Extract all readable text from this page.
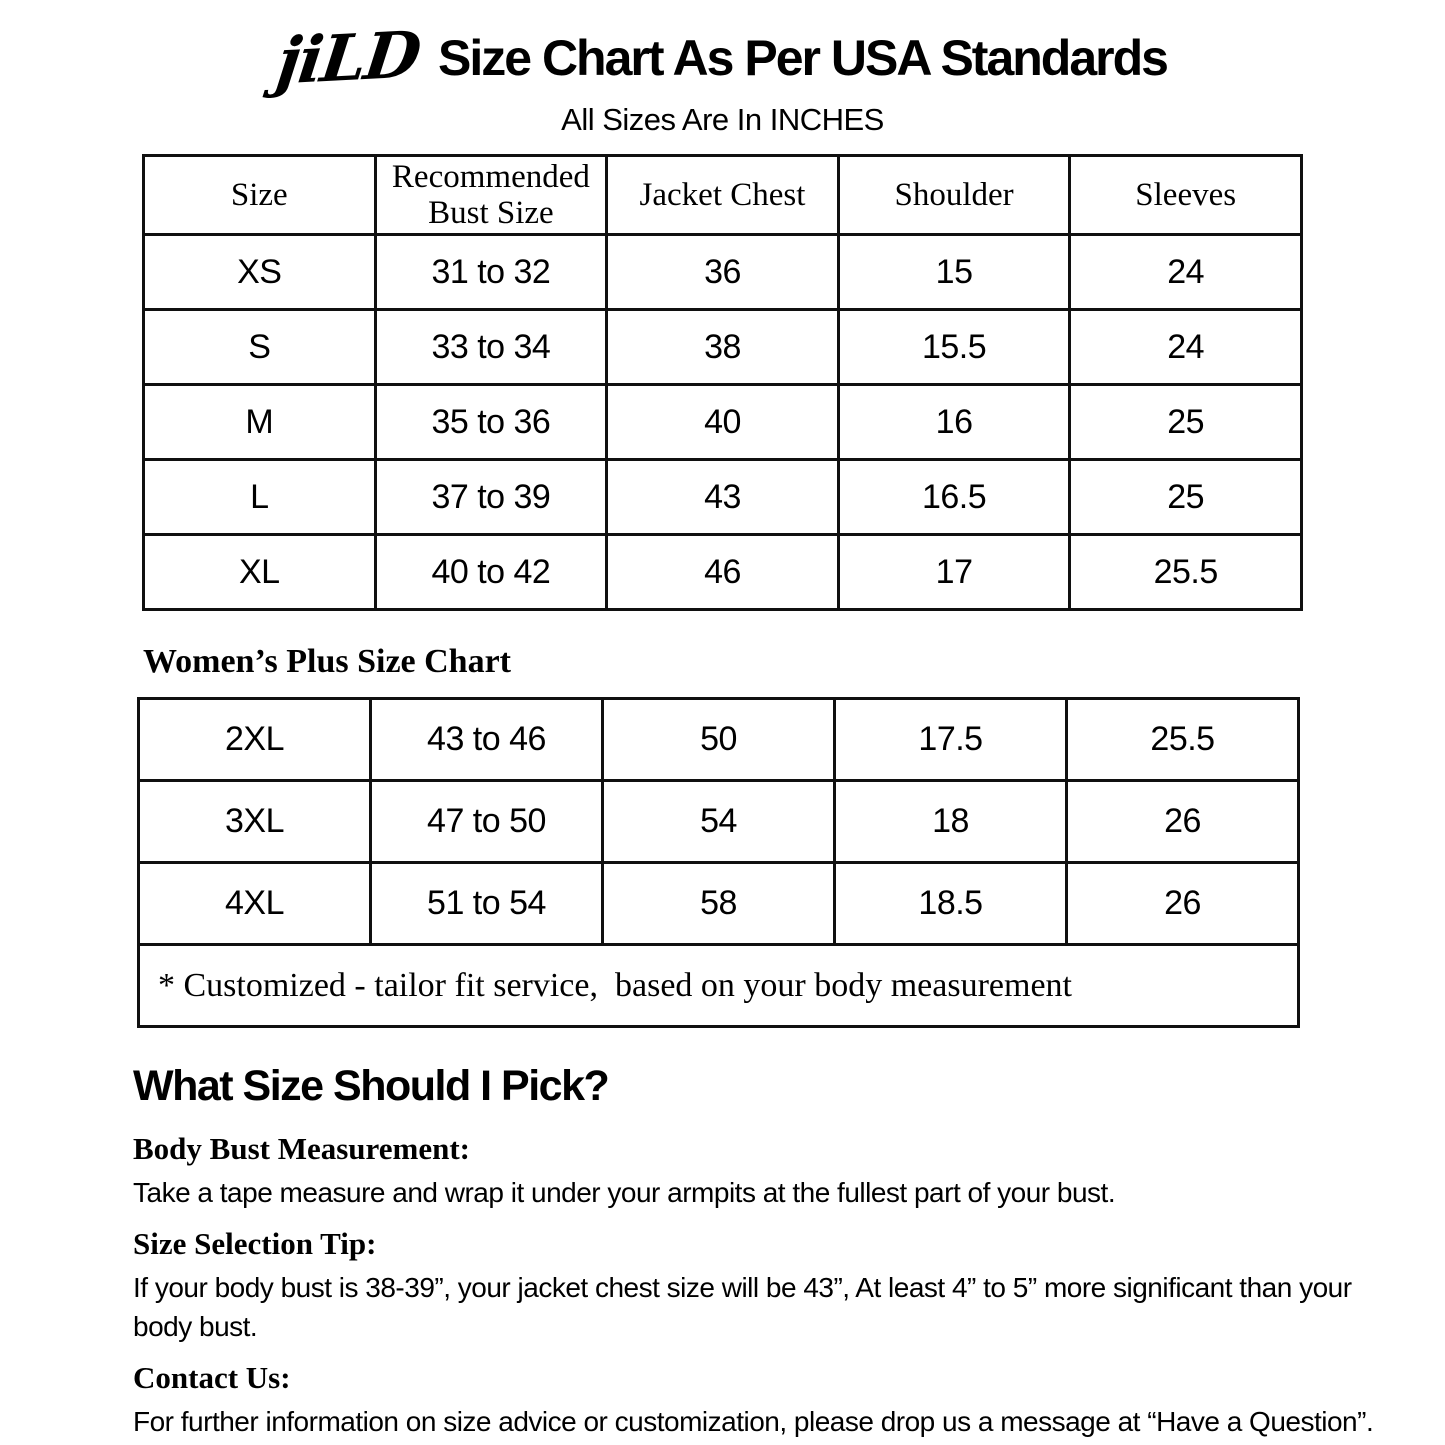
jiLD Size Chart As Per USA Standards
All Sizes Are In INCHES
Size	Recommended Bust Size	Jacket Chest	Shoulder	Sleeves
XS	31 to 32	36	15	24
S	33 to 34	38	15.5	24
M	35 to 36	40	16	25
L	37 to 39	43	16.5	25
XL	40 to 42	46	17	25.5
Women’s Plus Size Chart
2XL	43 to 46	50	17.5	25.5
3XL	47 to 50	54	18	26
4XL	51 to 54	58	18.5	26
* Customized - tailor fit service,  based on your body measurement				
What Size Should I Pick?
Body Bust Measurement:
Take a tape measure and wrap it under your armpits at the fullest part of your bust.
Size Selection Tip:
If your body bust is 38-39”, your jacket chest size will be 43”, At least 4” to 5” more significant than your
body bust.
Contact Us:
For further information on size advice or customization, please drop us a message at “Have a Question”.
